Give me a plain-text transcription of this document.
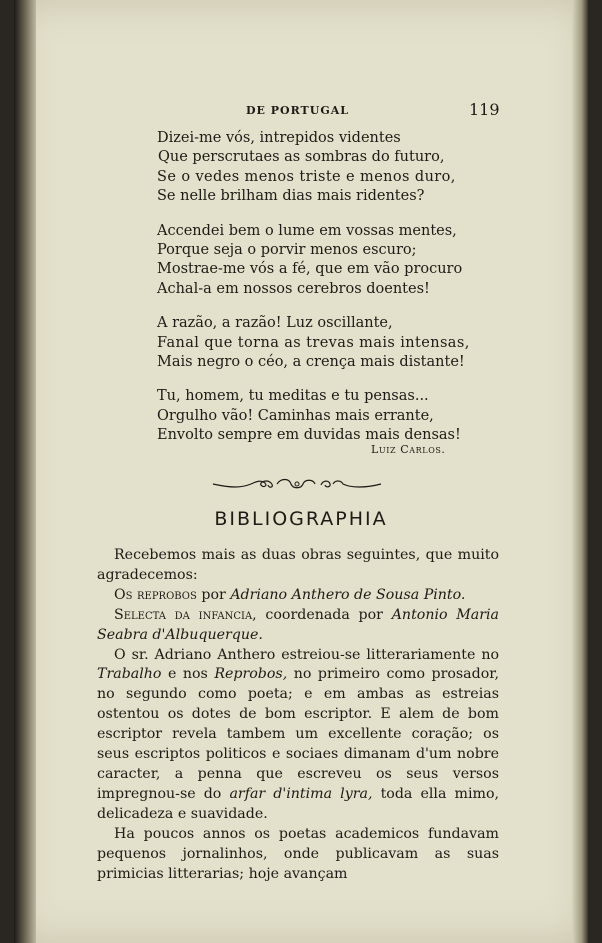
DE PORTUGAL	119
Dizei-me vós, intrepidos videntes
Que perscrutaes as sombras do futuro,
Se o vedes menos triste e menos duro,
Se nelle brilham dias mais ridentes?
Accendei bem o lume em vossas mentes,
Porque seja o porvir menos escuro;
Mostrae-me vós a fé, que em vão procuro
Achal-a em nossos cerebros doentes!
A razão, a razão! Luz oscillante,
Fanal que torna as trevas mais intensas,
Mais negro o céo, a crença mais distante!
Tu, homem, tu meditas e tu pensas...
Orgulho vão! Caminhas mais errante,
Envolto sempre em duvidas mais densas!
Luiz Carlos.
BIBLIOGRAPHIA

Recebemos mais as duas obras seguintes, que muito agradecemos:

Os reprobos por Adriano Anthero de Sousa Pinto.

Selecta da infancia, coordenada por Antonio Maria Seabra d'Albuquerque.

O sr. Adriano Anthero estreiou-se litterariamente no Trabalho e nos Reprobos, no primeiro como prosador, no segundo como poeta; e em ambas as estreias ostentou os dotes de bom escriptor. E alem de bom escriptor revela tambem um excellente coração; os seus escriptos politicos e sociaes dimanam d'um nobre caracter, a penna que escreveu os seus versos impregnou-se do arfar d'intima lyra, toda ella mimo, delicadeza e suavidade.

Ha poucos annos os poetas academicos fundavam pequenos jornalinhos, onde publicavam as suas primicias litterarias; hoje avançam
